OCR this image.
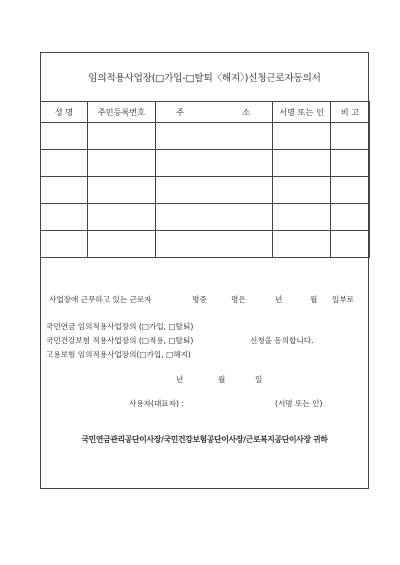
임의적용사업장(□가입-□탈퇴〈해지〉)신청근로자동의서
성 명	주민등록번호	주 소	서명 또는 인	비 고

사업장에 근무하고 있는 근로자	명중	명은	년	월 일부로
국민연금 임의적용사업장의 (□가입, □탈퇴)
국민건강보험 적용사업장의 (□적용, □탈퇴)	신청을 동의합니다.
고용보험 임의적용사업장의(□가입, □해지)
년	월	일
사용자(대표자) :	(서명 또는 인)
국민연금관리공단이사장/국민건강보험공단이사장/근로복지공단이사장 귀하
